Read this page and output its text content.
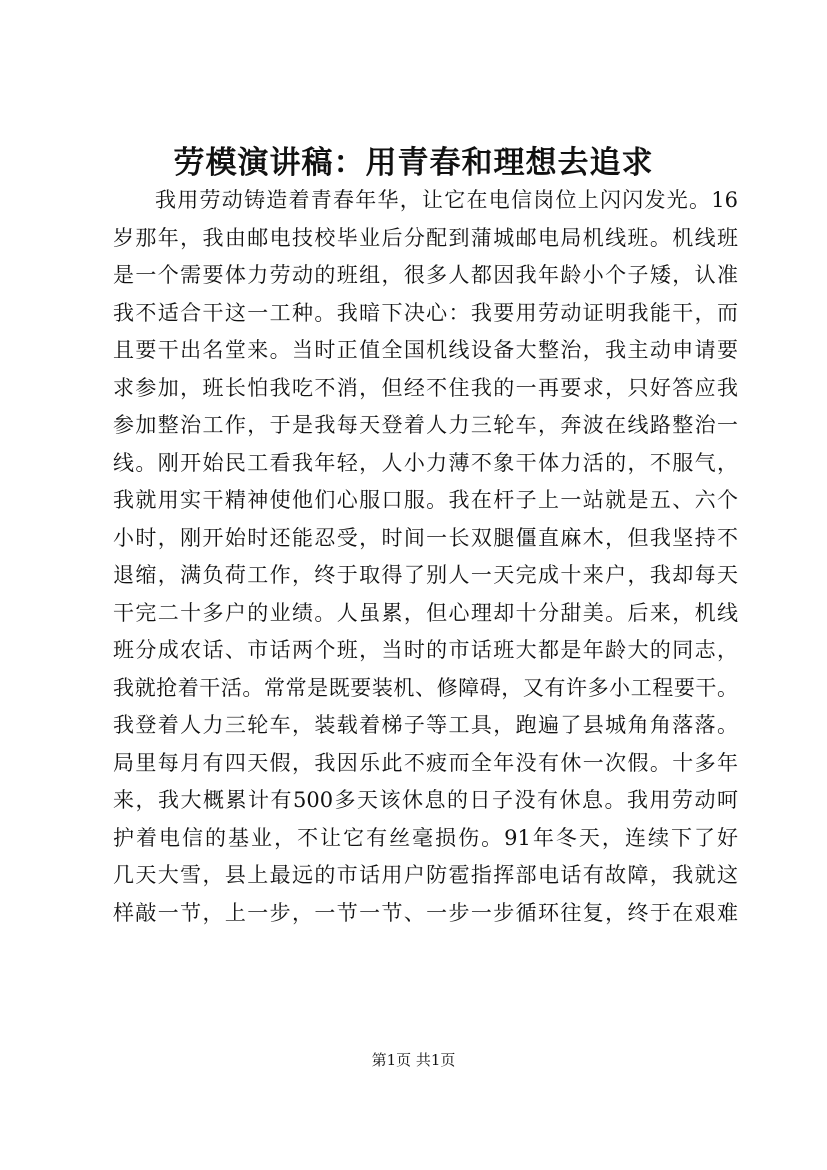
劳模演讲稿：用青春和理想去追求
我用劳动铸造着青春年华，让它在电信岗位上闪闪发光。16
岁那年，我由邮电技校毕业后分配到蒲城邮电局机线班。机线班
是一个需要体力劳动的班组，很多人都因我年龄小个子矮，认准
我不适合干这一工种。我暗下决心：我要用劳动证明我能干，而
且要干出名堂来。当时正值全国机线设备大整治，我主动申请要
求参加，班长怕我吃不消，但经不住我的一再要求，只好答应我
参加整治工作，于是我每天登着人力三轮车，奔波在线路整治一
线。刚开始民工看我年轻，人小力薄不象干体力活的，不服气，
我就用实干精神使他们心服口服。我在杆子上一站就是五、六个
小时，刚开始时还能忍受，时间一长双腿僵直麻木，但我坚持不
退缩，满负荷工作，终于取得了别人一天完成十来户，我却每天
干完二十多户的业绩。人虽累，但心理却十分甜美。后来，机线
班分成农话、市话两个班，当时的市话班大都是年龄大的同志，
我就抢着干活。常常是既要装机、修障碍，又有许多小工程要干。
我登着人力三轮车，装载着梯子等工具，跑遍了县城角角落落。
局里每月有四天假，我因乐此不疲而全年没有休一次假。十多年
来，我大概累计有500多天该休息的日子没有休息。我用劳动呵
护着电信的基业，不让它有丝毫损伤。91年冬天，连续下了好
几天大雪，县上最远的市话用户防雹指挥部电话有故障，我就这
样敲一节，上一步，一节一节、一步一步循环往复，终于在艰难
第1页 共1页
